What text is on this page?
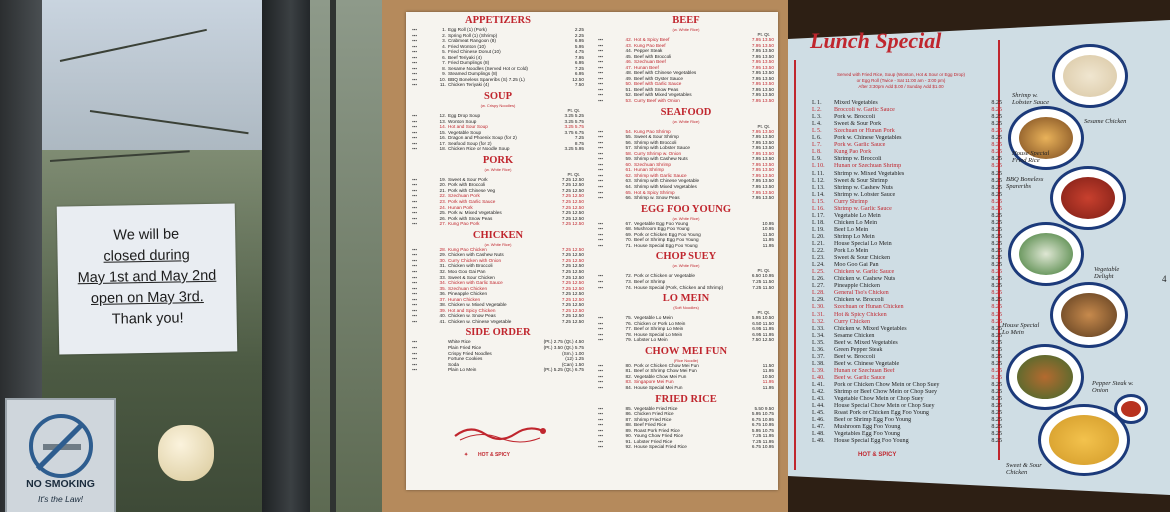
We will be
closed during
May 1st and May 2nd
open on May 3rd.
Thank you!
NO SMOKING
It's the Law!
APPETIZERS
▪▪▪	1. Egg Roll (1) (Pork)	2.25
▪▪▪	2. Spring Roll (1) (Shrimp)	2.25
▪▪▪	3. Crabmeat Rangoon (8)	6.95
▪▪▪	4. Fried Wonton (10)	5.95
▪▪▪	5. Fried Chinese Donut (10)	4.75
▪▪▪	6. Beef Teriyaki (4)	7.95
▪▪▪	7. Fried Dumplings (8)	6.95
▪▪▪	8. Sesame Noodles (Served Hot or Cold)	7.25
▪▪▪	9. Steamed Dumplings (8)	6.95
▪▪▪	10. BBQ Boneless Spareribs (S) 7.25 (L)	12.50
▪▪▪	11. Chicken Teriyaki (4)	7.50
SOUP
(w. Crispy Noodles)
Pt. Qt.
▪▪▪	12. Egg Drop Soup	3.25 5.25
▪▪▪	13. Wonton Soup	3.25 5.75
▪▪▪	14. Hot and Sour Soup	3.25 5.75
▪▪▪	15. Vegetable Soup	3.75 6.75
▪▪▪	16. Dragon and Phoenix Soup (for 2)	7.25
▪▪▪	17. Seafood Soup (for 2)	8.75
▪▪▪	18. Chicken Rice or Noodle Soup	3.25 5.95
PORK
(w. White Rice)
Pt. Qt.
▪▪▪	19. Sweet & Sour Pork	7.25 12.50
▪▪▪	20. Pork with Broccoli	7.25 12.50
▪▪▪	21. Pork with Chinese Veg	7.25 12.50
▪▪▪	22. Szechuan Pork	7.25 12.50
▪▪▪	23. Pork with Garlic Sauce	7.25 12.50
▪▪▪	24. Hunan Pork	7.25 12.50
▪▪▪	25. Pork w. Mixed Vegetables	7.25 12.50
▪▪▪	26. Pork with Snow Peas	7.25 12.50
▪▪▪	27. Kung Pao Pork	7.25 12.50
CHICKEN
(w. White Rice)
▪▪▪	28. Kung Pao Chicken	7.25 12.50
▪▪▪	29. Chicken with Cashew Nuts	7.25 12.50
▪▪▪	30. Curry Chicken with Onion	7.25 12.50
▪▪▪	31. Chicken with Broccoli	7.25 12.50
▪▪▪	32. Moo Goo Gai Pan	7.25 12.50
▪▪▪	33. Sweet & Sour Chicken	7.25 12.50
▪▪▪	34. Chicken with Garlic Sauce	7.25 12.50
▪▪▪	35. Szechuan Chicken	7.25 12.50
▪▪▪	36. Pineapple Chicken	7.25 12.50
▪▪▪	37. Hunan Chicken	7.25 12.50
▪▪▪	38. Chicken w. Mixed Vegetable	7.25 12.50
▪▪▪	39. Hot and Spicy Chicken	7.25 12.50
▪▪▪	40. Chicken w. Snow Peas	7.25 12.50
▪▪▪	41. Chicken w. Chinese Vegetable	7.25 12.50
SIDE ORDER
▪▪▪	White Rice	(Pt.) 2.75 (Qt.) 4.50
▪▪▪	Plain Fried Rice	(Pt.) 3.50 (Qt.) 5.75
▪▪▪	Crispy Fried Noodles	(Sm.) 1.00
▪▪▪	Fortune Cookies	(12) 1.25
▪▪▪	Soda	(Can) 1.50
▪▪▪	Plain Lo Mein	(Pt.) 5.25 (Qt.) 6.75
BEEF
(w. White Rice)
Pt. Qt.
▪▪▪	42. Hot & Spicy Beef	7.95 13.50
▪▪▪	43. Kung Pao Beef	7.95 13.50
▪▪▪	44. Pepper Steak	7.95 13.50
▪▪▪	45. Beef with Broccoli	7.95 13.50
▪▪▪	46. Szechuan Beef	7.95 13.50
▪▪▪	47. Hunan Beef	7.95 13.50
▪▪▪	48. Beef with Chinese Vegetables	7.95 13.50
▪▪▪	49. Beef with Oyster Sauce	7.95 13.50
▪▪▪	50. Beef with Garlic Sauce	7.95 13.50
▪▪▪	51. Beef with Snow Peas	7.95 13.50
▪▪▪	52. Beef with Mixed Vegetables	7.95 13.50
▪▪▪	53. Curry Beef with Onion	7.95 13.50
SEAFOOD
(w. White Rice)
Pt. Qt.
▪▪▪	54. Kung Pao Shrimp	7.95 13.50
▪▪▪	55. Sweet & Sour Shrimp	7.95 13.50
▪▪▪	56. Shrimp with Broccoli	7.95 13.50
▪▪▪	57. Shrimp with Lobster Sauce	7.95 13.50
▪▪▪	58. Curry Shrimp w. Onion	7.95 13.50
▪▪▪	59. Shrimp with Cashew Nuts	7.95 13.50
▪▪▪	60. Szechuan Shrimp	7.95 13.50
▪▪▪	61. Hunan Shrimp	7.95 13.50
▪▪▪	62. Shrimp with Garlic Sauce	7.95 13.50
▪▪▪	63. Shrimp with Chinese Vegetable	7.95 13.50
▪▪▪	64. Shrimp with Mixed Vegetables	7.95 13.50
▪▪▪	65. Hot & Spicy Shrimp	7.95 13.50
▪▪▪	66. Shrimp w. Snow Peas	7.95 13.50
EGG FOO YOUNG
(w. White Rice)
▪▪▪	67. Vegetable Egg Foo Young	10.95
▪▪▪	68. Mushroom Egg Foo Young	10.95
▪▪▪	69. Pork or Chicken Egg Foo Young	11.50
▪▪▪	70. Beef or Shrimp Egg Foo Young	11.95
▪▪▪	71. House Special Egg Foo Young	11.95
CHOP SUEY
(w. White Rice)
Pt. Qt.
▪▪▪	72. Pork or Chicken or Vegetable	6.50 10.95
▪▪▪	73. Beef or Shrimp	7.25 11.50
▪▪▪	74. House Special (Pork, Chicken and Shrimp)	7.25 11.50
LO MEIN
(Soft Noodles)
Pt. Qt.
▪▪▪	75. Vegetable Lo Mein	5.95 10.50
▪▪▪	76. Chicken or Pork Lo Mein	6.50 11.50
▪▪▪	77. Beef or Shrimp Lo Mein	6.95 11.95
▪▪▪	78. House Special Lo Mein	6.95 11.95
▪▪▪	79. Lobster Lo Mein	7.50 12.50
CHOW MEI FUN
(Rice Noodle)
▪▪▪	80. Pork or Chicken Chow Mei Fun	11.50
▪▪▪	81. Beef or Shrimp Chow Mei Fun	11.95
▪▪▪	82. Vegetable Chow Mei Fun	10.50
▪▪▪	83. Singapore Mei Fun	11.95
▪▪▪	84. House Special Mei Fun	11.95
FRIED RICE
▪▪▪	85. Vegetable Fried Rice	5.50 9.50
▪▪▪	86. Chicken Fried Rice	5.95 10.75
▪▪▪	87. Shrimp Fried Rice	6.75 10.95
▪▪▪	88. Beef Fried Rice	6.75 10.95
▪▪▪	89. Roast Pork Fried Rice	5.95 10.75
▪▪▪	90. Young Chow Fried Rice	7.25 11.95
▪▪▪	91. Lobster Fried Rice	7.25 11.95
▪▪▪	92. House Special Fried Rice	6.75 10.95
HOT & SPICY
✦
Lunch Special
Served with Fried Rice, Soup (Wonton, Hot & Sour or Egg Drop)
or Egg Roll (Twice - Sat 11:00 am - 3:00 pm)
After 3:30pm Add $.00 / Sunday Add $1.00
L 1.	Mixed Vegetables	8.25
L 2.	Broccoli w. Garlic Sauce	8.25
L 3.	Pork w. Broccoli	8.25
L 4.	Sweet & Sour Pork	8.25
L 5.	Szechuan or Hunan Pork	8.25
L 6.	Pork w. Chinese Vegetables	8.25
L 7.	Pork w. Garlic Sauce	8.25
L 8.	Kung Pao Pork	8.25
L 9.	Shrimp w. Broccoli	8.25
L 10.	Hunan or Szechuan Shrimp	8.25
L 11.	Shrimp w. Mixed Vegetables	8.25
L 12.	Sweet & Sour Shrimp	8.25
L 13.	Shrimp w. Cashew Nuts	8.25
L 14.	Shrimp w. Lobster Sauce	8.25
L 15.	Curry Shrimp	8.25
L 16.	Shrimp w. Garlic Sauce	8.25
L 17.	Vegetable Lo Mein	8.25
L 18.	Chicken Lo Mein	8.25
L 19.	Beef Lo Mein	8.25
L 20.	Shrimp Lo Mein	8.25
L 21.	House Special Lo Mein	8.25
L 22.	Pork Lo Mein	8.25
L 23.	Sweet & Sour Chicken	8.25
L 24.	Moo Goo Gai Pan	8.25
L 25.	Chicken w. Garlic Sauce	8.25
L 26.	Chicken w. Cashew Nuts	8.25
L 27.	Pineapple Chicken	8.25
L 28.	General Tso's Chicken	8.25
L 29.	Chicken w. Broccoli	8.25
L 30.	Szechuan or Hunan Chicken	8.25
L 31.	Hot & Spicy Chicken	8.25
L 32.	Curry Chicken	8.25
L 33.	Chicken w. Mixed Vegetables	8.25
L 34.	Sesame Chicken	8.25
L 35.	Beef w. Mixed Vegetables	8.25
L 36.	Green Pepper Steak	8.25
L 37.	Beef w. Broccoli	8.25
L 38.	Beef w. Chinese Vegetable	8.25
L 39.	Hunan or Szechuan Beef	8.25
L 40.	Beef w. Garlic Sauce	8.25
L 41.	Pork or Chicken Chow Mein or Chop Suey	8.25
L 42.	Shrimp or Beef Chow Mein or Chop Suey	8.25
L 43.	Vegetable Chow Mein or Chop Suey	8.25
L 44.	House Special Chow Mein or Chop Suey	8.25
L 45.	Roast Pork or Chicken Egg Foo Young	8.25
L 46.	Beef or Shrimp Egg Foo Young	8.25
L 47.	Mushroom Egg Foo Young	8.25
L 48.	Vegetables Egg Foo Young	8.25
L 49.	House Special Egg Foo Young	8.25
HOT & SPICY
Shrimp w. Lobster Sauce
Sesame Chicken
House Special Fried Rice
BBQ Boneless Spareribs
Vegetable Delight
House Special Lo Mein
Pepper Steak w. Onion
Sweet & Sour Chicken
4
